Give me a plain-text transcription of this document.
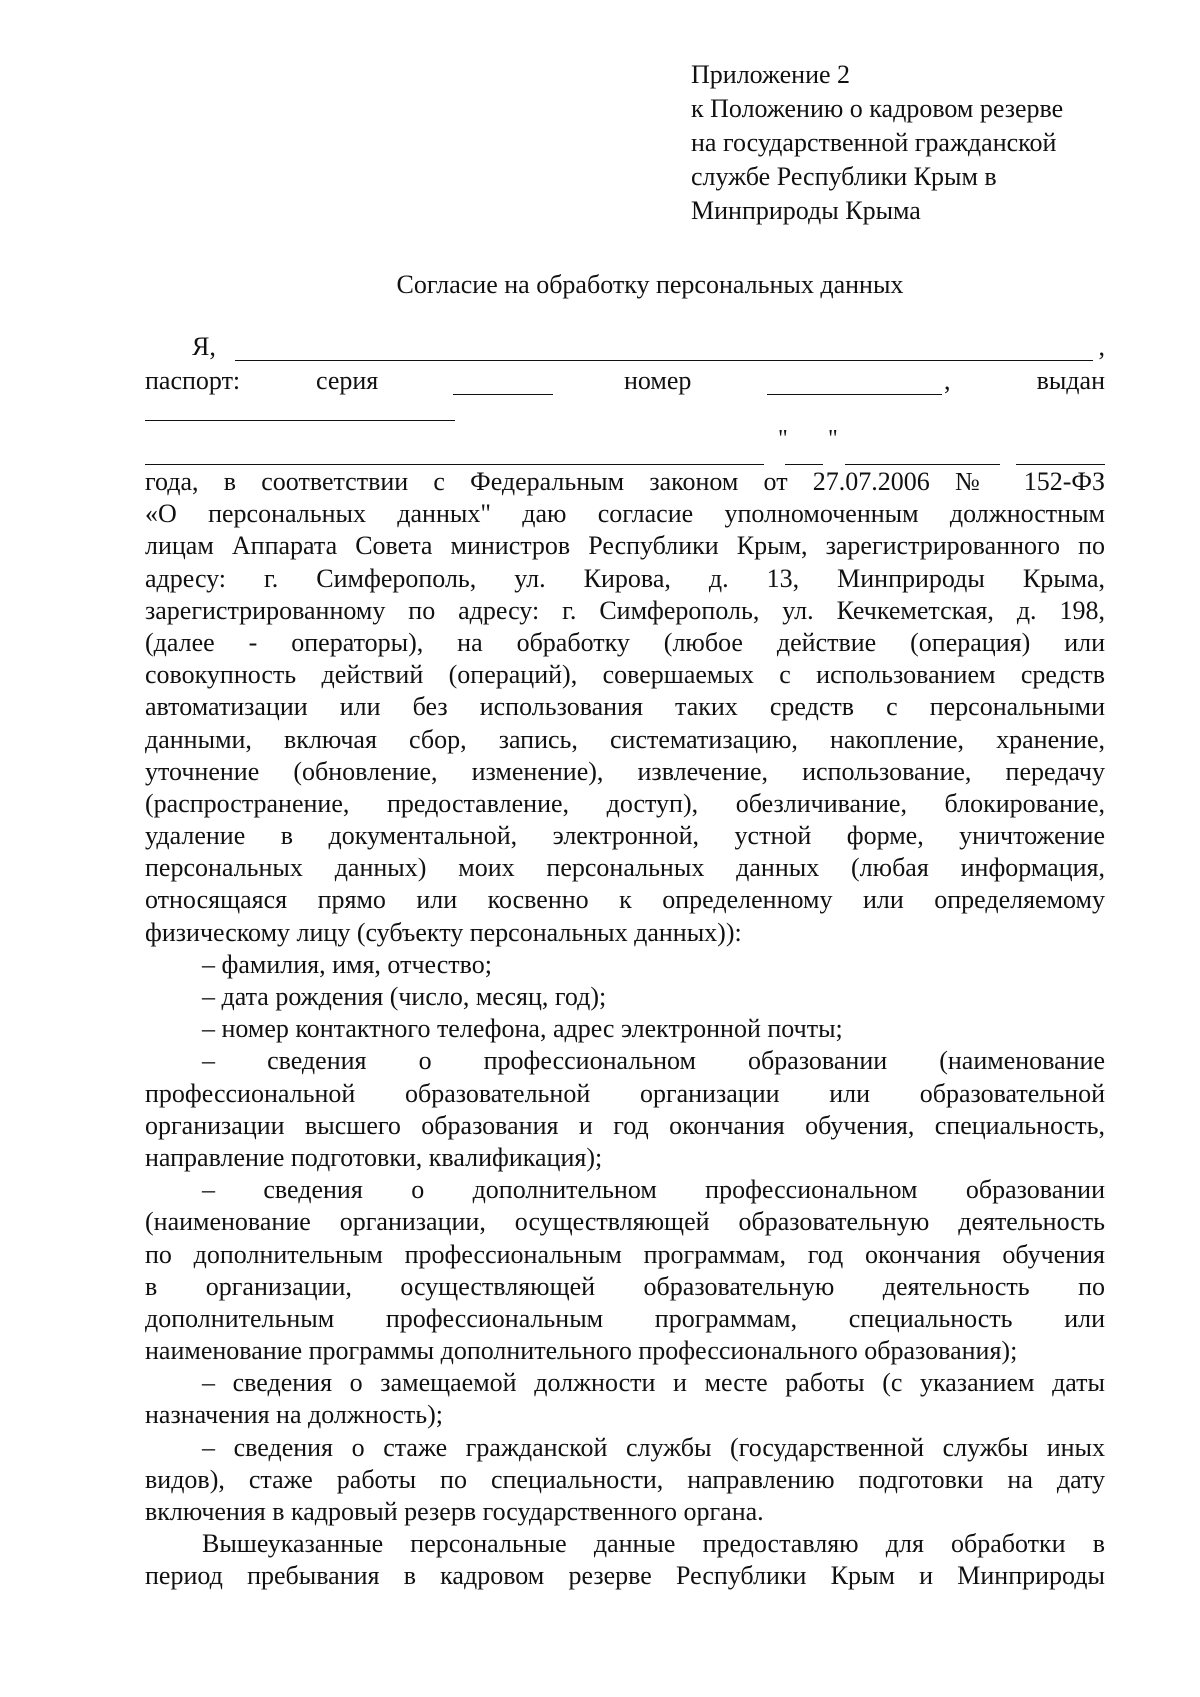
Приложение 2
к Положению о кадровом резерве
на государственной гражданской
службе Республики Крым в
Минприроды Крыма
Согласие на обработку персональных данных
Я,	,
паспорт:	серия	номер	,	выдан
" "
года, в соответствии с Федеральным законом от 27.07.2006 № 152-ФЗ
«О персональных данных" даю согласие уполномоченным должностным
лицам Аппарата Совета министров Республики Крым, зарегистрированного по
адресу: г. Симферополь, ул. Кирова, д. 13, Минприроды Крыма,
зарегистрированному по адресу: г. Симферополь, ул. Кечкеметская, д. 198,
(далее - операторы), на обработку (любое действие (операция) или
совокупность действий (операций), совершаемых с использованием средств
автоматизации или без использования таких средств с персональными
данными, включая сбор, запись, систематизацию, накопление, хранение,
уточнение (обновление, изменение), извлечение, использование, передачу
(распространение, предоставление, доступ), обезличивание, блокирование,
удаление в документальной, электронной, устной форме, уничтожение
персональных данных) моих персональных данных (любая информация,
относящаяся прямо или косвенно к определенному или определяемому
физическому лицу (субъекту персональных данных)):
– фамилия, имя, отчество;
– дата рождения (число, месяц, год);
– номер контактного телефона, адрес электронной почты;
– сведения о профессиональном образовании (наименование
профессиональной образовательной организации или образовательной
организации высшего образования и год окончания обучения, специальность,
направление подготовки, квалификация);
– сведения о дополнительном профессиональном образовании
(наименование организации, осуществляющей образовательную деятельность
по дополнительным профессиональным программам, год окончания обучения
в организации, осуществляющей образовательную деятельность по
дополнительным профессиональным программам, специальность или
наименование программы дополнительного профессионального образования);
– сведения о замещаемой должности и месте работы (с указанием даты
назначения на должность);
– сведения о стаже гражданской службы (государственной службы иных
видов), стаже работы по специальности, направлению подготовки на дату
включения в кадровый резерв государственного органа.
Вышеуказанные персональные данные предоставляю для обработки в
период пребывания в кадровом резерве Республики Крым и Минприроды
